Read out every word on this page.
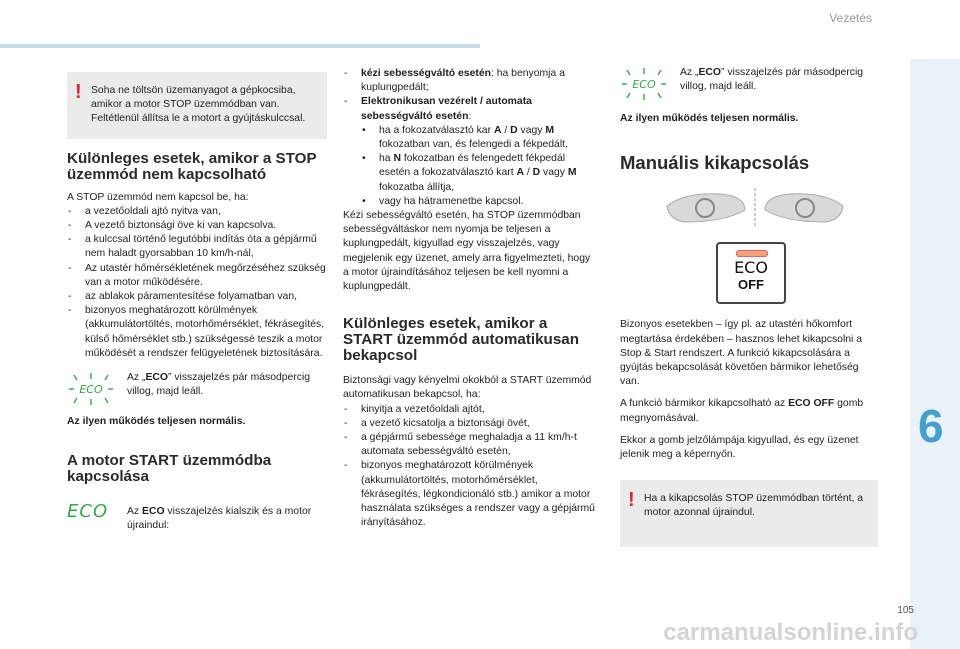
Vezetés
6
105
carmanualsonline.info
! Soha ne töltsön üzemanyagot a gépkocsiba, amikor a motor STOP üzemmódban van. Feltétlenül állítsa le a motort a gyújtáskulccsal.

Különleges esetek, amikor a STOP üzemmód nem kapcsolható

A STOP üzemmód nem kapcsol be, ha:

- a vezetőoldali ajtó nyitva van,
- A vezető biztonsági öve ki van kapcsolva.
- a kulccsal történő legutóbbi indítás óta a gépjármű nem haladt gyorsabban 10 km/h-nál,
- Az utastér hőmérsékletének megőrzéséhez szükség van a motor működésére.
- az ablakok páramentesítése folyamatban van,
- bizonyos meghatározott körülmények (akkumulátortöltés, motorhőmérséklet, fékrásegítés, külső hőmérséklet stb.) szükségessé teszik a motor működését a rendszer felügyeletének biztosítására.
ECO

Az „ECO” visszajelzés pár másodpercig villog, majd leáll.

Az ilyen működés teljesen normális.

A motor START üzemmódba kapcsolása
ECO	Az ECO visszajelzés kialszik és a motor újraindul:

- kézi sebességváltó esetén: ha benyomja a kuplungpedált;
- Elektronikusan vezérelt / automata sebességváltó esetén:
• ha a fokozatválasztó kar A / D vagy M fokozatban van, és felengedi a fékpedált,
• ha N fokozatban és felengedett fékpedál esetén a fokozatválasztó kart A / D vagy M fokozatba állítja,
• vagy ha hátramenetbe kapcsol.

Kézi sebességváltó esetén, ha STOP üzemmódban sebességváltáskor nem nyomja be teljesen a kuplungpedált, kigyullad egy visszajelzés, vagy megjelenik egy üzenet, amely arra figyelmezteti, hogy a motor újraindításához teljesen be kell nyomni a kuplungpedált.

Különleges esetek, amikor a START üzemmód automatikusan bekapcsol

Biztonsági vagy kényelmi okokból a START üzemmód automatikusan bekapcsol, ha:

- kinyitja a vezetőoldali ajtót,
- a vezető kicsatolja a biztonsági övét,
- a gépjármű sebessége meghaladja a 11 km/h-t automata sebességváltó esetén,
- bizonyos meghatározott körülmények (akkumulátortöltés, motorhőmérséklet, fékrásegítés, légkondicionáló stb.) amikor a motor használata szükséges a rendszer vagy a gépjármű irányításához.
ECO

Az „ECO” visszajelzés pár másodpercig villog, majd leáll.

Az ilyen működés teljesen normális.

Manuális kikapcsolás
ECO
OFF

Bizonyos esetekben – így pl. az utastéri hőkomfort megtartása érdekében – hasznos lehet kikapcsolni a Stop & Start rendszert. A funkció kikapcsolására a gyújtás bekapcsolását követően bármikor lehetőség van.

A funkció bármikor kikapcsolható az ECO OFF gomb megnyomásával.

Ekkor a gomb jelzőlámpája kigyullad, és egy üzenet jelenik meg a képernyőn.

! Ha a kikapcsolás STOP üzemmódban történt, a motor azonnal újraindul.
